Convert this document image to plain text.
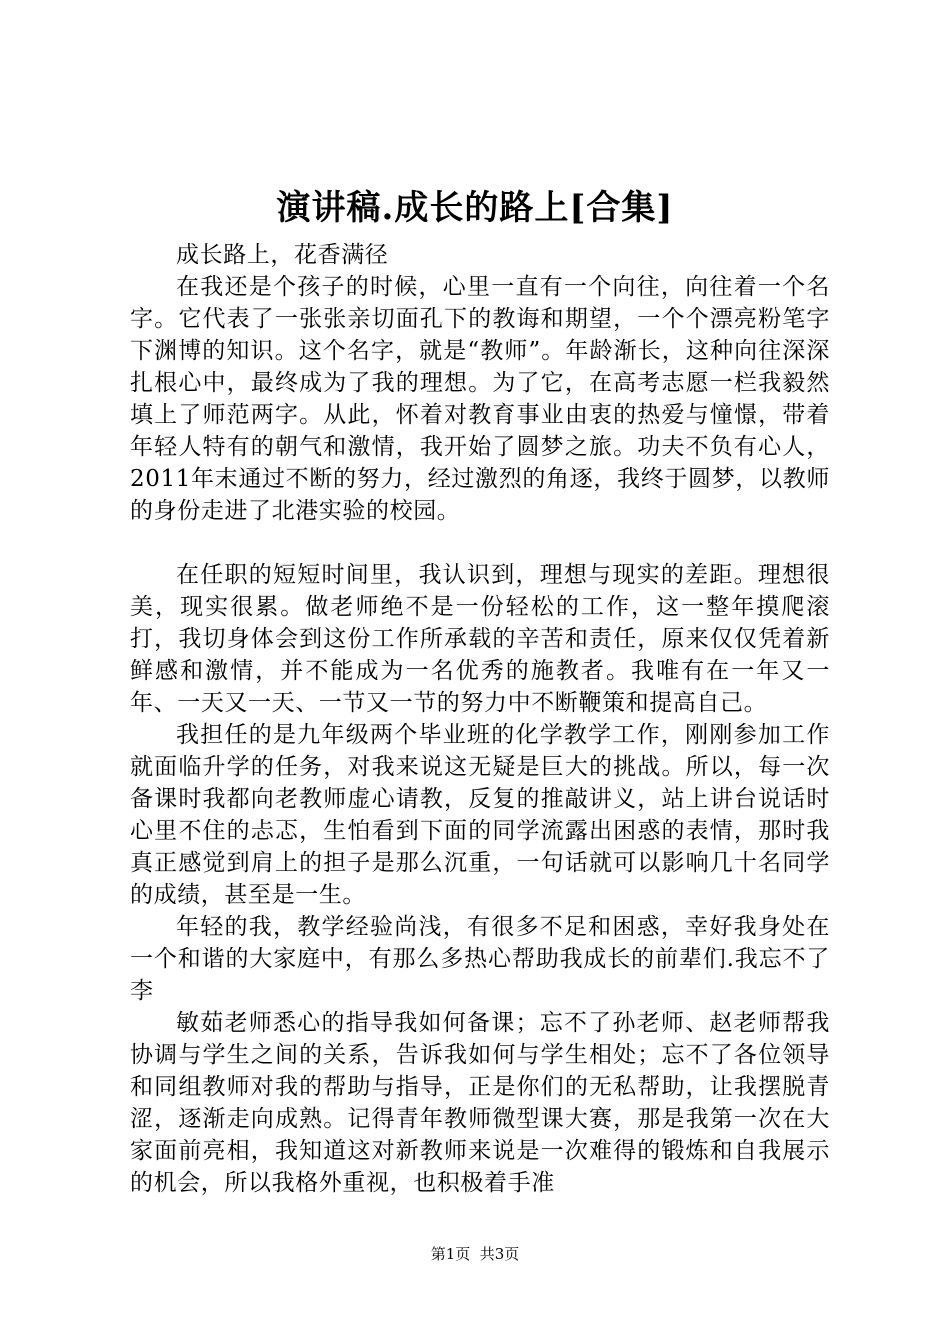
演讲稿.成长的路上[合集]

成长路上，花香满径

在我还是个孩子的时候，心里一直有一个向往，向往着一个名字。它代表了一张张亲切面孔下的教诲和期望，一个个漂亮粉笔字下渊博的知识。这个名字，就是“教师”。年龄渐长，这种向往深深扎根心中，最终成为了我的理想。为了它，在高考志愿一栏我毅然填上了师范两字。从此，怀着对教育事业由衷的热爱与憧憬，带着年轻人特有的朝气和激情，我开始了圆梦之旅。功夫不负有心人，2011年末通过不断的努力，经过激烈的角逐，我终于圆梦，以教师的身份走进了北港实验的校园。

在任职的短短时间里，我认识到，理想与现实的差距。理想很美，现实很累。做老师绝不是一份轻松的工作，这一整年摸爬滚打，我切身体会到这份工作所承载的辛苦和责任，原来仅仅凭着新鲜感和激情，并不能成为一名优秀的施教者。我唯有在一年又一年、一天又一天、一节又一节的努力中不断鞭策和提高自己。

我担任的是九年级两个毕业班的化学教学工作，刚刚参加工作就面临升学的任务，对我来说这无疑是巨大的挑战。所以，每一次备课时我都向老教师虚心请教，反复的推敲讲义，站上讲台说话时心里不住的忐忑，生怕看到下面的同学流露出困惑的表情，那时我真正感觉到肩上的担子是那么沉重，一句话就可以影响几十名同学的成绩，甚至是一生。

年轻的我，教学经验尚浅，有很多不足和困惑，幸好我身处在一个和谐的大家庭中，有那么多热心帮助我成长的前辈们.我忘不了李

敏茹老师悉心的指导我如何备课；忘不了孙老师、赵老师帮我协调与学生之间的关系，告诉我如何与学生相处；忘不了各位领导和同组教师对我的帮助与指导，正是你们的无私帮助，让我摆脱青涩，逐渐走向成熟。记得青年教师微型课大赛，那是我第一次在大家面前亮相，我知道这对新教师来说是一次难得的锻炼和自我展示的机会，所以我格外重视，也积极着手准

第1页  共3页
